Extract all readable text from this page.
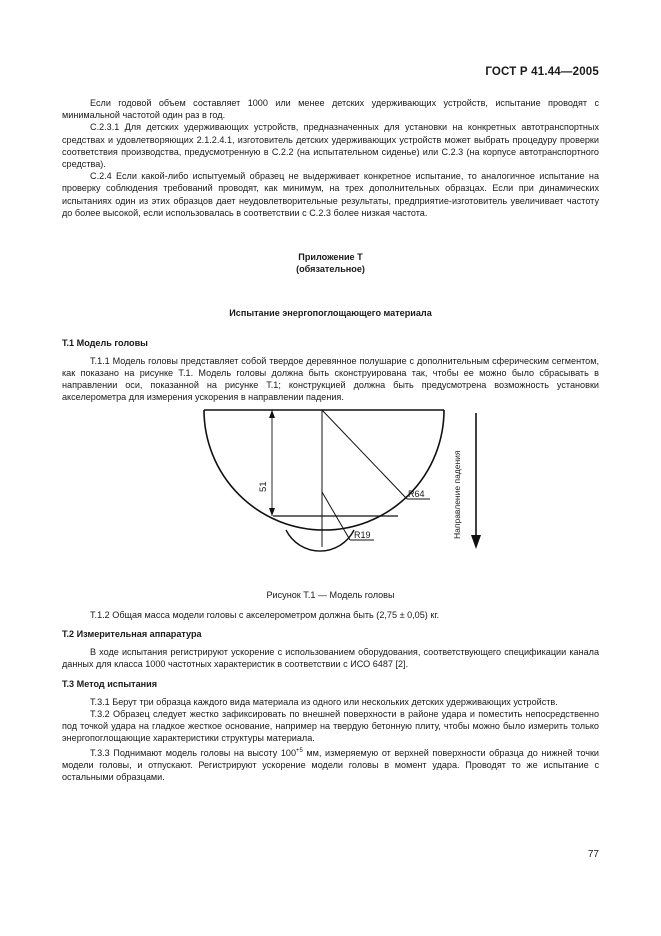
ГОСТ Р 41.44—2005

Если годовой объем составляет 1000 или менее детских удерживающих устройств, испытание проводят с минимальной частотой один раз в год.

С.2.3.1 Для детских удерживающих устройств, предназначенных для установки на конкретных автотранспортных средствах и удовлетворяющих 2.1.2.4.1, изготовитель детских удерживающих устройств может выбрать процедуру проверки соответствия производства, предусмотренную в С.2.2 (на испытательном сиденье) или С.2.3 (на корпусе автотранспортного средства).

С.2.4 Если какой-либо испытуемый образец не выдерживает конкретное испытание, то аналогичное испытание на проверку соблюдения требований проводят, как минимум, на трех дополнительных образцах. Если при динамических испытаниях один из этих образцов дает неудовлетворительные результаты, предприятие-изготовитель увеличивает частоту до более высокой, если использовалась в соответствии с С.2.3 более низкая частота.

Приложение Т

(обязательное)

Испытание энергопоглощающего материала

Т.1 Модель головы

Т.1.1 Модель головы представляет собой твердое деревянное полушарие с дополнительным сферическим сегментом, как показано на рисунке Т.1. Модель головы должна быть сконструирована так, чтобы ее можно было сбрасывать в направлении оси, показанной на рисунке Т.1; конструкцией должна быть предусмотрена возможность установки акселерометра для измерения ускорения в направлении падения.

51
R64
R19	Направление падения

Рисунок Т.1 — Модель головы

Т.1.2 Общая масса модели головы с акселерометром должна быть (2,75 ± 0,05) кг.

Т.2 Измерительная аппаратура

В ходе испытания регистрируют ускорение с использованием оборудования, соответствующего спецификации канала данных для класса 1000 частотных характеристик в соответствии с ИСО 6487 [2].

Т.3 Метод испытания

Т.3.1 Берут три образца каждого вида материала из одного или нескольких детских удерживающих устройств.

Т.3.2 Образец следует жестко зафиксировать по внешней поверхности в районе удара и поместить непосредственно под точкой удара на гладкое жесткое основание, например на твердую бетонную плиту, чтобы можно было измерить только энергопоглощающие характеристики структуры материала.

Т.3.3 Поднимают модель головы на высоту $100^{+5}$ мм, измеряемую от верхней поверхности образца до нижней точки модели головы, и отпускают. Регистрируют ускорение модели головы в момент удара. Проводят то же испытание с остальными образцами.

77
